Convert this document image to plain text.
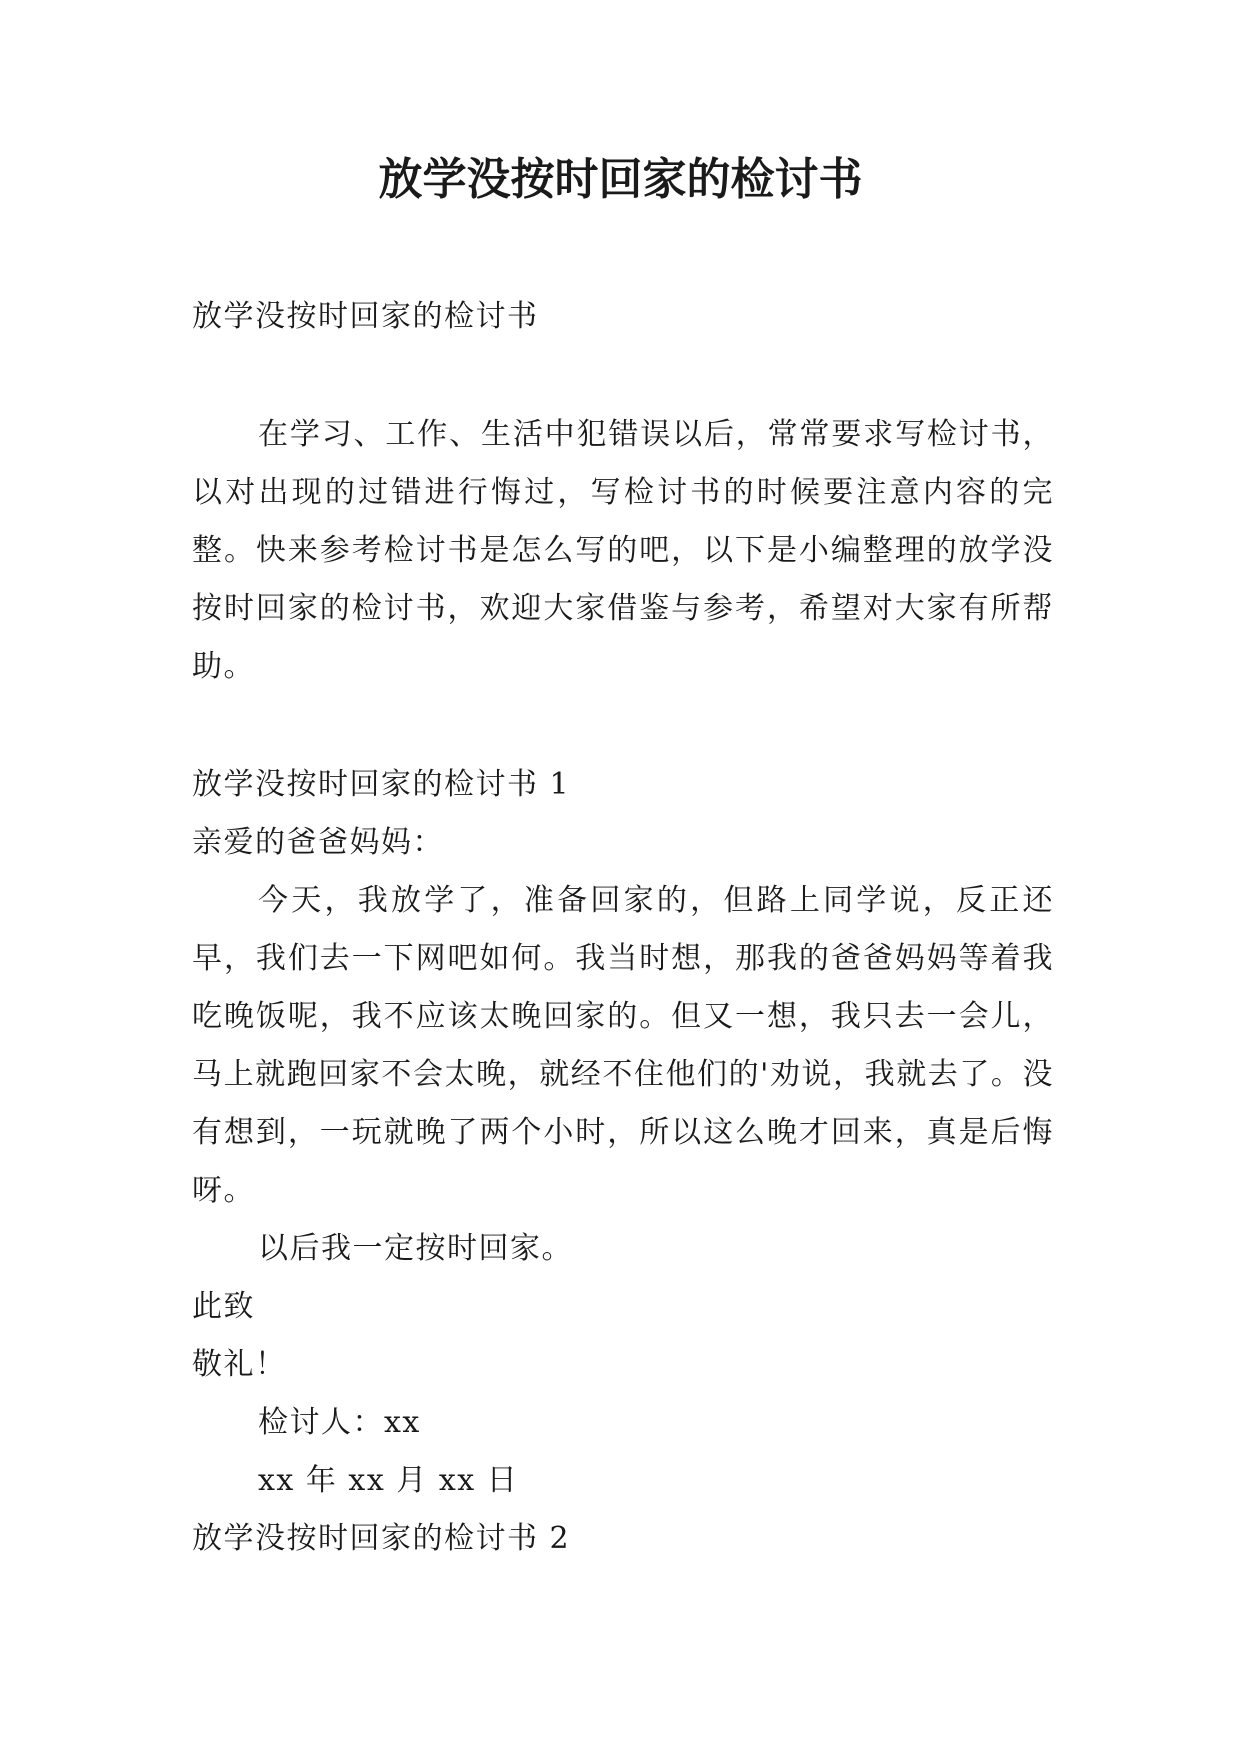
放学没按时回家的检讨书

放学没按时回家的检讨书

在学习、工作、生活中犯错误以后，常常要求写检讨书，以对出现的过错进行悔过，写检讨书的时候要注意内容的完整。快来参考检讨书是怎么写的吧，以下是小编整理的放学没按时回家的检讨书，欢迎大家借鉴与参考，希望对大家有所帮助。

放学没按时回家的检讨书 1

亲爱的爸爸妈妈：

今天，我放学了，准备回家的，但路上同学说，反正还早，我们去一下网吧如何。我当时想，那我的爸爸妈妈等着我吃晚饭呢，我不应该太晚回家的。但又一想，我只去一会儿，马上就跑回家不会太晚，就经不住他们的'劝说，我就去了。没有想到，一玩就晚了两个小时，所以这么晚才回来，真是后悔呀。

以后我一定按时回家。

此致

敬礼！

检讨人：xx

xx 年 xx 月 xx 日

放学没按时回家的检讨书 2
